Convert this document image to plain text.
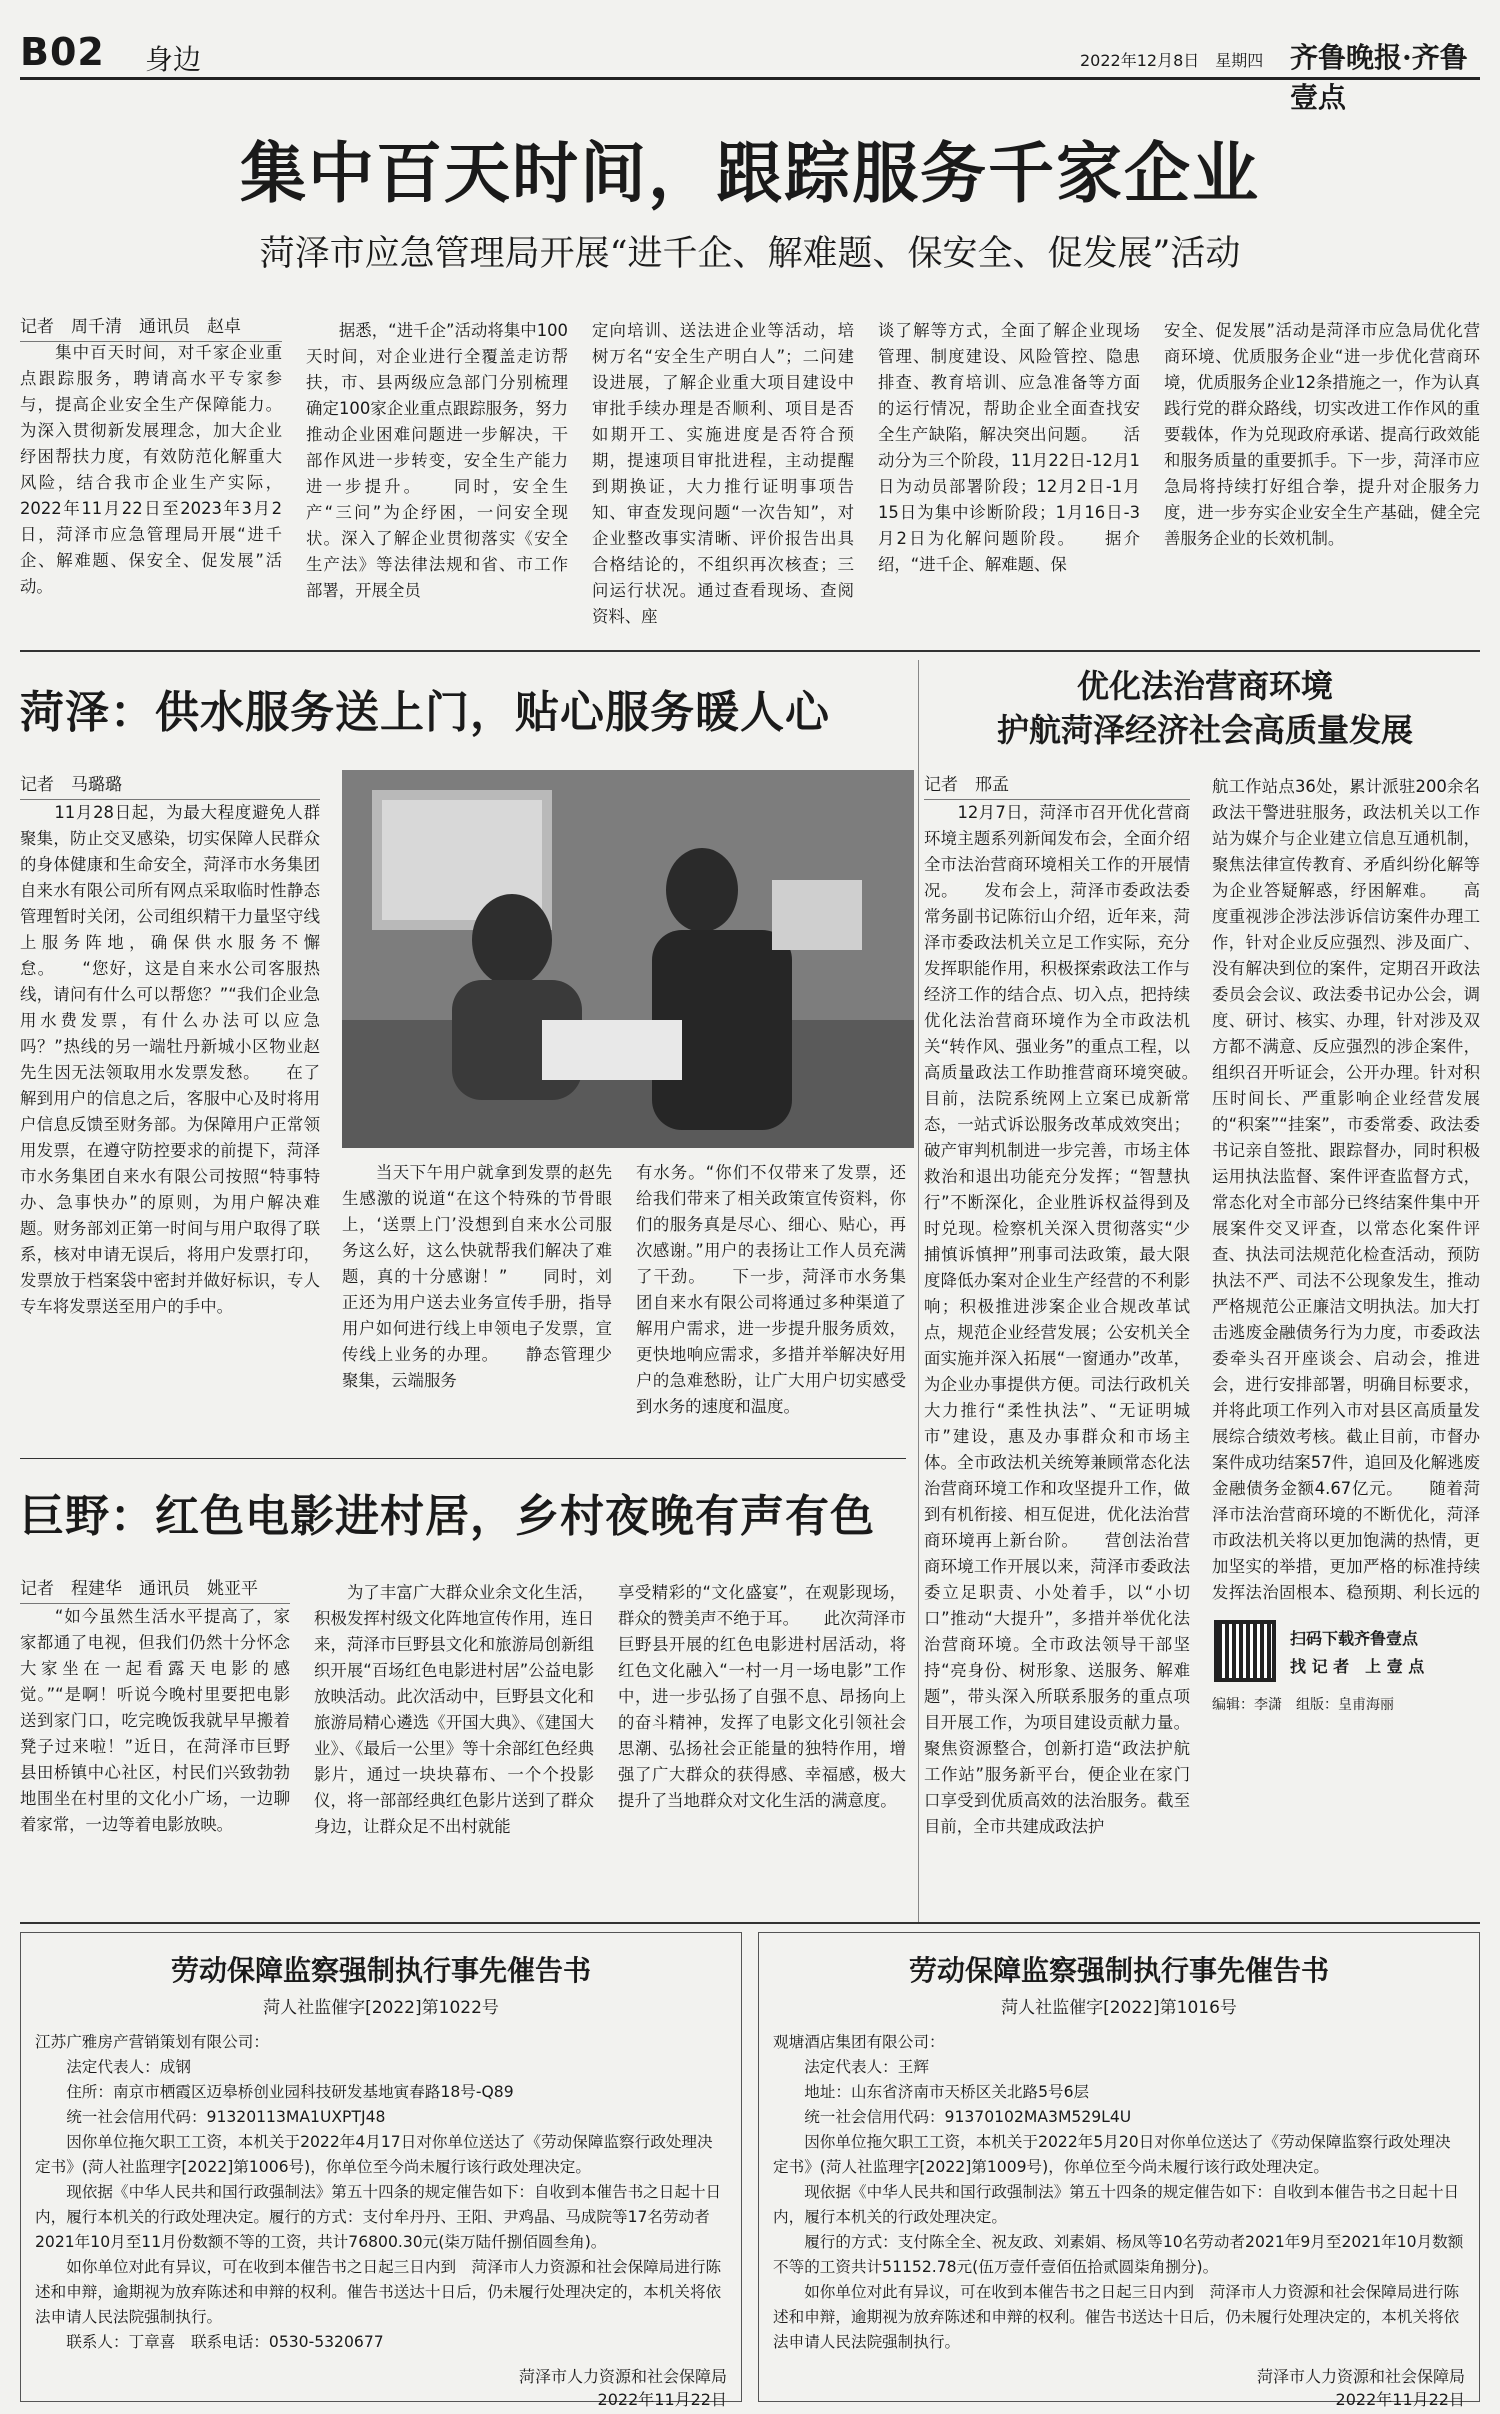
B02 身边	2022年12月8日　星期四 齐鲁晚报·齐鲁壹点
集中百天时间，跟踪服务千家企业
菏泽市应急管理局开展“进千企、解难题、保安全、促发展”活动
记者　周千清　通讯员　赵卓
　　集中百天时间，对千家企业重点跟踪服务，聘请高水平专家参与，提高企业安全生产保障能力。为深入贯彻新发展理念，加大企业纾困帮扶力度，有效防范化解重大风险，结合我市企业生产实际，2022年11月22日至2023年3月2日，菏泽市应急管理局开展“进千企、解难题、保安全、促发展”活动。
　　据悉，“进千企”活动将集中100天时间，对企业进行全覆盖走访帮扶，市、县两级应急部门分别梳理确定100家企业重点跟踪服务，努力推动企业困难问题进一步解决，干部作风进一步转变，安全生产能力进一步提升。　　同时，安全生产“三问”为企纾困，一问安全现状。深入了解企业贯彻落实《安全生产法》等法律法规和省、市工作部署，开展全员
定向培训、送法进企业等活动，培树万名“安全生产明白人”；二问建设进展，了解企业重大项目建设中审批手续办理是否顺利、项目是否如期开工、实施进度是否符合预期，提速项目审批进程，主动提醒到期换证，大力推行证明事项告知、审查发现问题“一次告知”，对企业整改事实清晰、评价报告出具合格结论的，不组织再次核查；三问运行状况。通过查看现场、查阅资料、座
谈了解等方式，全面了解企业现场管理、制度建设、风险管控、隐患排查、教育培训、应急准备等方面的运行情况，帮助企业全面查找安全生产缺陷，解决突出问题。　　活动分为三个阶段，11月22日-12月1日为动员部署阶段；12月2日-1月15日为集中诊断阶段；1月16日-3月2日为化解问题阶段。　　据介绍，“进千企、解难题、保
安全、促发展”活动是菏泽市应急局优化营商环境、优质服务企业“进一步优化营商环境，优质服务企业12条措施之一，作为认真践行党的群众路线，切实改进工作作风的重要载体，作为兑现政府承诺、提高行政效能和服务质量的重要抓手。下一步，菏泽市应急局将持续打好组合拳，提升对企服务力度，进一步夯实企业安全生产基础，健全完善服务企业的长效机制。
菏泽：供水服务送上门，贴心服务暖人心
记者　马璐璐
　　11月28日起，为最大程度避免人群聚集，防止交叉感染，切实保障人民群众的身体健康和生命安全，菏泽市水务集团自来水有限公司所有网点采取临时性静态管理暂时关闭，公司组织精干力量坚守线上服务阵地，确保供水服务不懈怠。　　“您好，这是自来水公司客服热线，请问有什么可以帮您？”“我们企业急用水费发票，有什么办法可以应急吗？”热线的另一端牡丹新城小区物业赵先生因无法领取用水发票发愁。　　在了解到用户的信息之后，客服中心及时将用户信息反馈至财务部。为保障用户正常领用发票，在遵守防控要求的前提下，菏泽市水务集团自来水有限公司按照“特事特办、急事快办”的原则，为用户解决难题。财务部刘正第一时间与用户取得了联系，核对申请无误后，将用户发票打印，发票放于档案袋中密封并做好标识，专人专车将发票送至用户的手中。
　　当天下午用户就拿到发票的赵先生感激的说道“在这个特殊的节骨眼上，‘送票上门’没想到自来水公司服务这么好，这么快就帮我们解决了难题，真的十分感谢！”　　同时，刘正还为用户送去业务宣传手册，指导用户如何进行线上申领电子发票，宣传线上业务的办理。　　静态管理少聚集，云端服务
有水务。“你们不仅带来了发票，还给我们带来了相关政策宣传资料，你们的服务真是尽心、细心、贴心，再次感谢。”用户的表扬让工作人员充满了干劲。　　下一步，菏泽市水务集团自来水有限公司将通过多种渠道了解用户需求，进一步提升服务质效，更快地响应需求，多措并举解决好用户的急难愁盼，让广大用户切实感受到水务的速度和温度。
巨野：红色电影进村居，乡村夜晚有声有色
记者　程建华　通讯员　姚亚平
　　“如今虽然生活水平提高了，家家都通了电视，但我们仍然十分怀念大家坐在一起看露天电影的感觉。”“是啊！听说今晚村里要把电影送到家门口，吃完晚饭我就早早搬着凳子过来啦！”近日，在菏泽市巨野县田桥镇中心社区，村民们兴致勃勃地围坐在村里的文化小广场，一边聊着家常，一边等着电影放映。
　　为了丰富广大群众业余文化生活，积极发挥村级文化阵地宣传作用，连日来，菏泽市巨野县文化和旅游局创新组织开展“百场红色电影进村居”公益电影放映活动。此次活动中，巨野县文化和旅游局精心遴选《开国大典》、《建国大业》、《最后一公里》等十余部红色经典影片，通过一块块幕布、一个个投影仪，将一部部经典红色影片送到了群众身边，让群众足不出村就能
享受精彩的“文化盛宴”，在观影现场，群众的赞美声不绝于耳。　　此次菏泽市巨野县开展的红色电影进村居活动，将红色文化融入“一村一月一场电影”工作中，进一步弘扬了自强不息、昂扬向上的奋斗精神，发挥了电影文化引领社会思潮、弘扬社会正能量的独特作用，增强了广大群众的获得感、幸福感，极大提升了当地群众对文化生活的满意度。
优化法治营商环境
护航菏泽经济社会高质量发展
记者　邢孟
　　12月7日，菏泽市召开优化营商环境主题系列新闻发布会，全面介绍全市法治营商环境相关工作的开展情况。　　发布会上，菏泽市委政法委常务副书记陈衍山介绍，近年来，菏泽市委政法机关立足工作实际，充分发挥职能作用，积极探索政法工作与经济工作的结合点、切入点，把持续优化法治营商环境作为全市政法机关“转作风、强业务”的重点工程，以高质量政法工作助推营商环境突破。　　目前，法院系统网上立案已成新常态，一站式诉讼服务改革成效突出；破产审判机制进一步完善，市场主体救治和退出功能充分发挥；“智慧执行”不断深化，企业胜诉权益得到及时兑现。检察机关深入贯彻落实“少捕慎诉慎押”刑事司法政策，最大限度降低办案对企业生产经营的不利影响；积极推进涉案企业合规改革试点，规范企业经营发展；公安机关全面实施并深入拓展“一窗通办”改革，为企业办事提供方便。司法行政机关大力推行“柔性执法”、“无证明城市”建设，惠及办事群众和市场主体。全市政法机关统筹兼顾常态化法治营商环境工作和攻坚提升工作，做到有机衔接、相互促进，优化法治营商环境再上新台阶。　　营创法治营商环境工作开展以来，菏泽市委政法委立足职责、小处着手，以“小切口”推动“大提升”，多措并举优化法治营商环境。全市政法领导干部坚持“亮身份、树形象、送服务、解难题”，带头深入所联系服务的重点项目开展工作，为项目建设贡献力量。聚焦资源整合，创新打造“政法护航工作站”服务新平台，便企业在家门口享受到优质高效的法治服务。截至目前，全市共建成政法护
航工作站点36处，累计派驻200余名政法干警进驻服务，政法机关以工作站为媒介与企业建立信息互通机制，聚焦法律宣传教育、矛盾纠纷化解等为企业答疑解惑，纾困解难。　　高度重视涉企涉法涉诉信访案件办理工作，针对企业反应强烈、涉及面广、没有解决到位的案件，定期召开政法委员会会议、政法委书记办公会，调度、研讨、核实、办理，针对涉及双方都不满意、反应强烈的涉企案件，组织召开听证会，公开办理。针对积压时间长、严重影响企业经营发展的“积案”“挂案”，市委常委、政法委书记亲自签批、跟踪督办，同时积极运用执法监督、案件评查监督方式，常态化对全市部分已终结案件集中开展案件交叉评查，以常态化案件评查、执法司法规范化检查活动，预防执法不严、司法不公现象发生，推动严格规范公正廉洁文明执法。加大打击逃废金融债务行为力度，市委政法委牵头召开座谈会、启动会，推进会，进行安排部署，明确目标要求，并将此项工作列入市对县区高质量发展综合绩效考核。截止目前，市督办案件成功结案57件，追回及化解逃废金融债务金额4.67亿元。　　随着菏泽市法治营商环境的不断优化，菏泽市政法机关将以更加饱满的热情，更加坚实的举措，更加严格的标准持续发挥法治固根本、稳预期、利长远的
扫码下载齐鲁壹点
找 记 者　上 壹 点
编辑：李潇　组版：皇甫海丽
劳动保障监察强制执行事先催告书
菏人社监催字[2022]第1022号

江苏广雅房产营销策划有限公司：

　　法定代表人：成钢

　　住所：南京市栖霞区迈皋桥创业园科技研发基地寅春路18号-Q89

　　统一社会信用代码：91320113MA1UXPTJ48

　　因你单位拖欠职工工资，本机关于2022年4月17日对你单位送达了《劳动保障监察行政处理决定书》(菏人社监理字[2022]第1006号)，你单位至今尚未履行该行政处理决定。

　　现依据《中华人民共和国行政强制法》第五十四条的规定催告如下：自收到本催告书之日起十日内，履行本机关的行政处理决定。履行的方式：支付牟丹丹、王阳、尹鸡晶、马成院等17名劳动者2021年10月至11月份数额不等的工资，共计76800.30元(柒万陆仟捌佰圆叁角)。

　　如你单位对此有异议，可在收到本催告书之日起三日内到　菏泽市人力资源和社会保障局进行陈述和申辩，逾期视为放弃陈述和申辩的权利。催告书送达十日后，仍未履行处理决定的，本机关将依法申请人民法院强制执行。

　　联系人：丁章喜　联系电话：0530-5320677

菏泽市人力资源和社会保障局
2022年11月22日
劳动保障监察强制执行事先催告书
菏人社监催字[2022]第1016号

观塘酒店集团有限公司：

　　法定代表人：王辉

　　地址：山东省济南市天桥区关北路5号6层

　　统一社会信用代码：91370102MA3M529L4U

　　因你单位拖欠职工工资，本机关于2022年5月20日对你单位送达了《劳动保障监察行政处理决定书》(菏人社监理字[2022]第1009号)，你单位至今尚未履行该行政处理决定。

　　现依据《中华人民共和国行政强制法》第五十四条的规定催告如下：自收到本催告书之日起十日内，履行本机关的行政处理决定。

　　履行的方式：支付陈全全、祝友政、刘素娟、杨凤等10名劳动者2021年9月至2021年10月数额不等的工资共计51152.78元(伍万壹仟壹佰伍拾贰圆柒角捌分)。

　　如你单位对此有异议，可在收到本催告书之日起三日内到　菏泽市人力资源和社会保障局进行陈述和申辩，逾期视为放弃陈述和申辩的权利。催告书送达十日后，仍未履行处理决定的，本机关将依法申请人民法院强制执行。

菏泽市人力资源和社会保障局
2022年11月22日
